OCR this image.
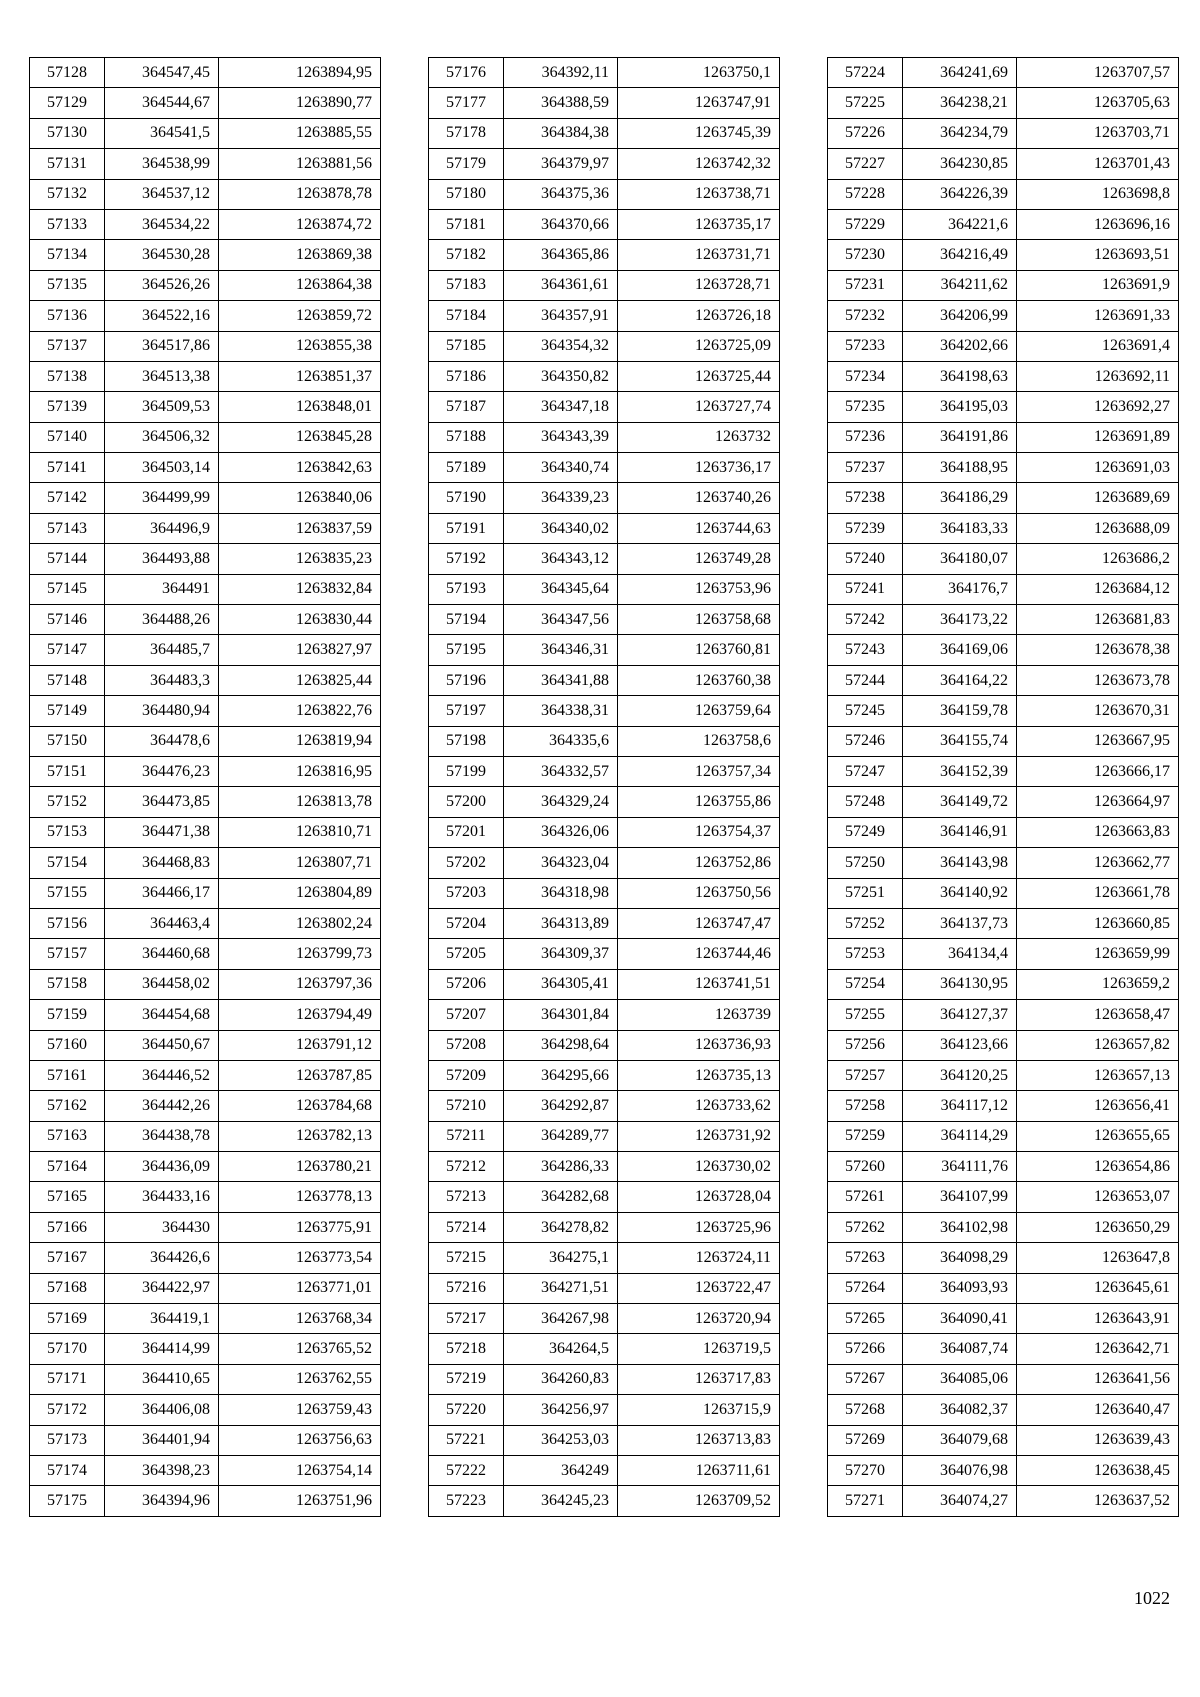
57128	364547,45	1263894,95
57129	364544,67	1263890,77
57130	364541,5	1263885,55
57131	364538,99	1263881,56
57132	364537,12	1263878,78
57133	364534,22	1263874,72
57134	364530,28	1263869,38
57135	364526,26	1263864,38
57136	364522,16	1263859,72
57137	364517,86	1263855,38
57138	364513,38	1263851,37
57139	364509,53	1263848,01
57140	364506,32	1263845,28
57141	364503,14	1263842,63
57142	364499,99	1263840,06
57143	364496,9	1263837,59
57144	364493,88	1263835,23
57145	364491	1263832,84
57146	364488,26	1263830,44
57147	364485,7	1263827,97
57148	364483,3	1263825,44
57149	364480,94	1263822,76
57150	364478,6	1263819,94
57151	364476,23	1263816,95
57152	364473,85	1263813,78
57153	364471,38	1263810,71
57154	364468,83	1263807,71
57155	364466,17	1263804,89
57156	364463,4	1263802,24
57157	364460,68	1263799,73
57158	364458,02	1263797,36
57159	364454,68	1263794,49
57160	364450,67	1263791,12
57161	364446,52	1263787,85
57162	364442,26	1263784,68
57163	364438,78	1263782,13
57164	364436,09	1263780,21
57165	364433,16	1263778,13
57166	364430	1263775,91
57167	364426,6	1263773,54
57168	364422,97	1263771,01
57169	364419,1	1263768,34
57170	364414,99	1263765,52
57171	364410,65	1263762,55
57172	364406,08	1263759,43
57173	364401,94	1263756,63
57174	364398,23	1263754,14
57175	364394,96	1263751,96
57176	364392,11	1263750,1
57177	364388,59	1263747,91
57178	364384,38	1263745,39
57179	364379,97	1263742,32
57180	364375,36	1263738,71
57181	364370,66	1263735,17
57182	364365,86	1263731,71
57183	364361,61	1263728,71
57184	364357,91	1263726,18
57185	364354,32	1263725,09
57186	364350,82	1263725,44
57187	364347,18	1263727,74
57188	364343,39	1263732
57189	364340,74	1263736,17
57190	364339,23	1263740,26
57191	364340,02	1263744,63
57192	364343,12	1263749,28
57193	364345,64	1263753,96
57194	364347,56	1263758,68
57195	364346,31	1263760,81
57196	364341,88	1263760,38
57197	364338,31	1263759,64
57198	364335,6	1263758,6
57199	364332,57	1263757,34
57200	364329,24	1263755,86
57201	364326,06	1263754,37
57202	364323,04	1263752,86
57203	364318,98	1263750,56
57204	364313,89	1263747,47
57205	364309,37	1263744,46
57206	364305,41	1263741,51
57207	364301,84	1263739
57208	364298,64	1263736,93
57209	364295,66	1263735,13
57210	364292,87	1263733,62
57211	364289,77	1263731,92
57212	364286,33	1263730,02
57213	364282,68	1263728,04
57214	364278,82	1263725,96
57215	364275,1	1263724,11
57216	364271,51	1263722,47
57217	364267,98	1263720,94
57218	364264,5	1263719,5
57219	364260,83	1263717,83
57220	364256,97	1263715,9
57221	364253,03	1263713,83
57222	364249	1263711,61
57223	364245,23	1263709,52
57224	364241,69	1263707,57
57225	364238,21	1263705,63
57226	364234,79	1263703,71
57227	364230,85	1263701,43
57228	364226,39	1263698,8
57229	364221,6	1263696,16
57230	364216,49	1263693,51
57231	364211,62	1263691,9
57232	364206,99	1263691,33
57233	364202,66	1263691,4
57234	364198,63	1263692,11
57235	364195,03	1263692,27
57236	364191,86	1263691,89
57237	364188,95	1263691,03
57238	364186,29	1263689,69
57239	364183,33	1263688,09
57240	364180,07	1263686,2
57241	364176,7	1263684,12
57242	364173,22	1263681,83
57243	364169,06	1263678,38
57244	364164,22	1263673,78
57245	364159,78	1263670,31
57246	364155,74	1263667,95
57247	364152,39	1263666,17
57248	364149,72	1263664,97
57249	364146,91	1263663,83
57250	364143,98	1263662,77
57251	364140,92	1263661,78
57252	364137,73	1263660,85
57253	364134,4	1263659,99
57254	364130,95	1263659,2
57255	364127,37	1263658,47
57256	364123,66	1263657,82
57257	364120,25	1263657,13
57258	364117,12	1263656,41
57259	364114,29	1263655,65
57260	364111,76	1263654,86
57261	364107,99	1263653,07
57262	364102,98	1263650,29
57263	364098,29	1263647,8
57264	364093,93	1263645,61
57265	364090,41	1263643,91
57266	364087,74	1263642,71
57267	364085,06	1263641,56
57268	364082,37	1263640,47
57269	364079,68	1263639,43
57270	364076,98	1263638,45
57271	364074,27	1263637,52
1022
